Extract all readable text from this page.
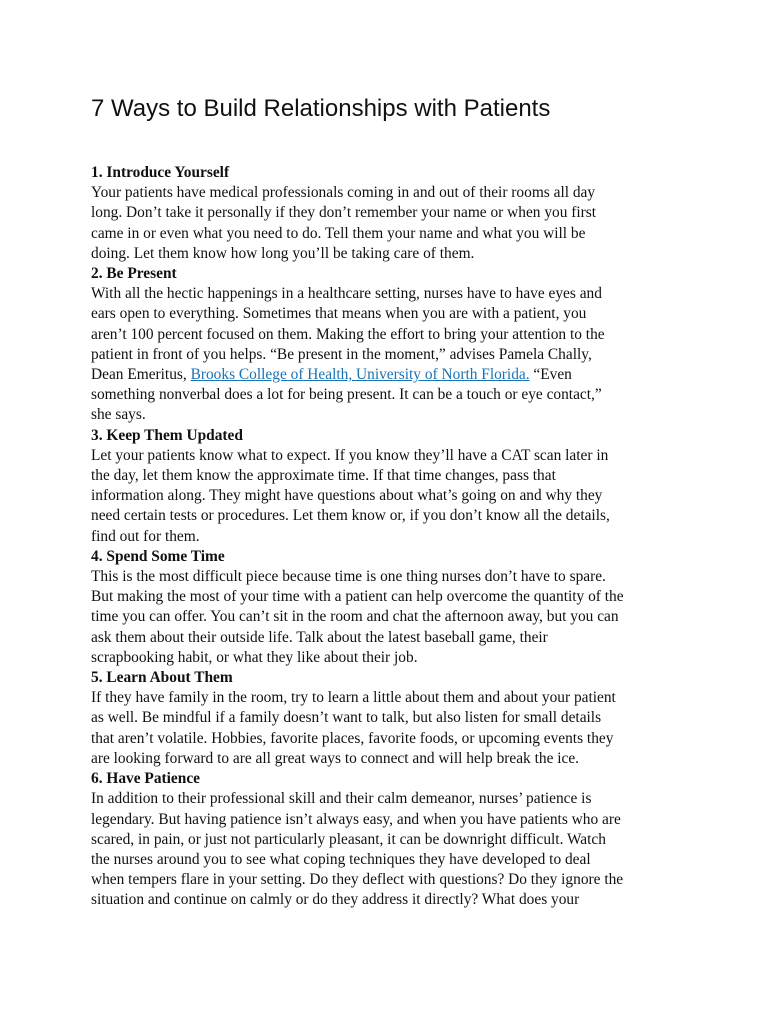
7 Ways to Build Relationships with Patients

1. Introduce Yourself

Your patients have medical professionals coming in and out of their rooms all day
long. Don’t take it personally if they don’t remember your name or when you first
came in or even what you need to do. Tell them your name and what you will be
doing. Let them know how long you’ll be taking care of them.

2. Be Present

With all the hectic happenings in a healthcare setting, nurses have to have eyes and
ears open to everything. Sometimes that means when you are with a patient, you
aren’t 100 percent focused on them. Making the effort to bring your attention to the
patient in front of you helps. “Be present in the moment,” advises Pamela Chally,
Dean Emeritus, Brooks College of Health, University of North Florida. “Even
something nonverbal does a lot for being present. It can be a touch or eye contact,”
she says.

3. Keep Them Updated

Let your patients know what to expect. If you know they’ll have a CAT scan later in
the day, let them know the approximate time. If that time changes, pass that
information along. They might have questions about what’s going on and why they
need certain tests or procedures. Let them know or, if you don’t know all the details,
find out for them.

4. Spend Some Time

This is the most difficult piece because time is one thing nurses don’t have to spare.
But making the most of your time with a patient can help overcome the quantity of the
time you can offer. You can’t sit in the room and chat the afternoon away, but you can
ask them about their outside life. Talk about the latest baseball game, their
scrapbooking habit, or what they like about their job.

5. Learn About Them

If they have family in the room, try to learn a little about them and about your patient
as well. Be mindful if a family doesn’t want to talk, but also listen for small details
that aren’t volatile. Hobbies, favorite places, favorite foods, or upcoming events they
are looking forward to are all great ways to connect and will help break the ice.

6. Have Patience

In addition to their professional skill and their calm demeanor, nurses’ patience is
legendary. But having patience isn’t always easy, and when you have patients who are
scared, in pain, or just not particularly pleasant, it can be downright difficult. Watch
the nurses around you to see what coping techniques they have developed to deal
when tempers flare in your setting. Do they deflect with questions? Do they ignore the
situation and continue on calmly or do they address it directly? What does your
